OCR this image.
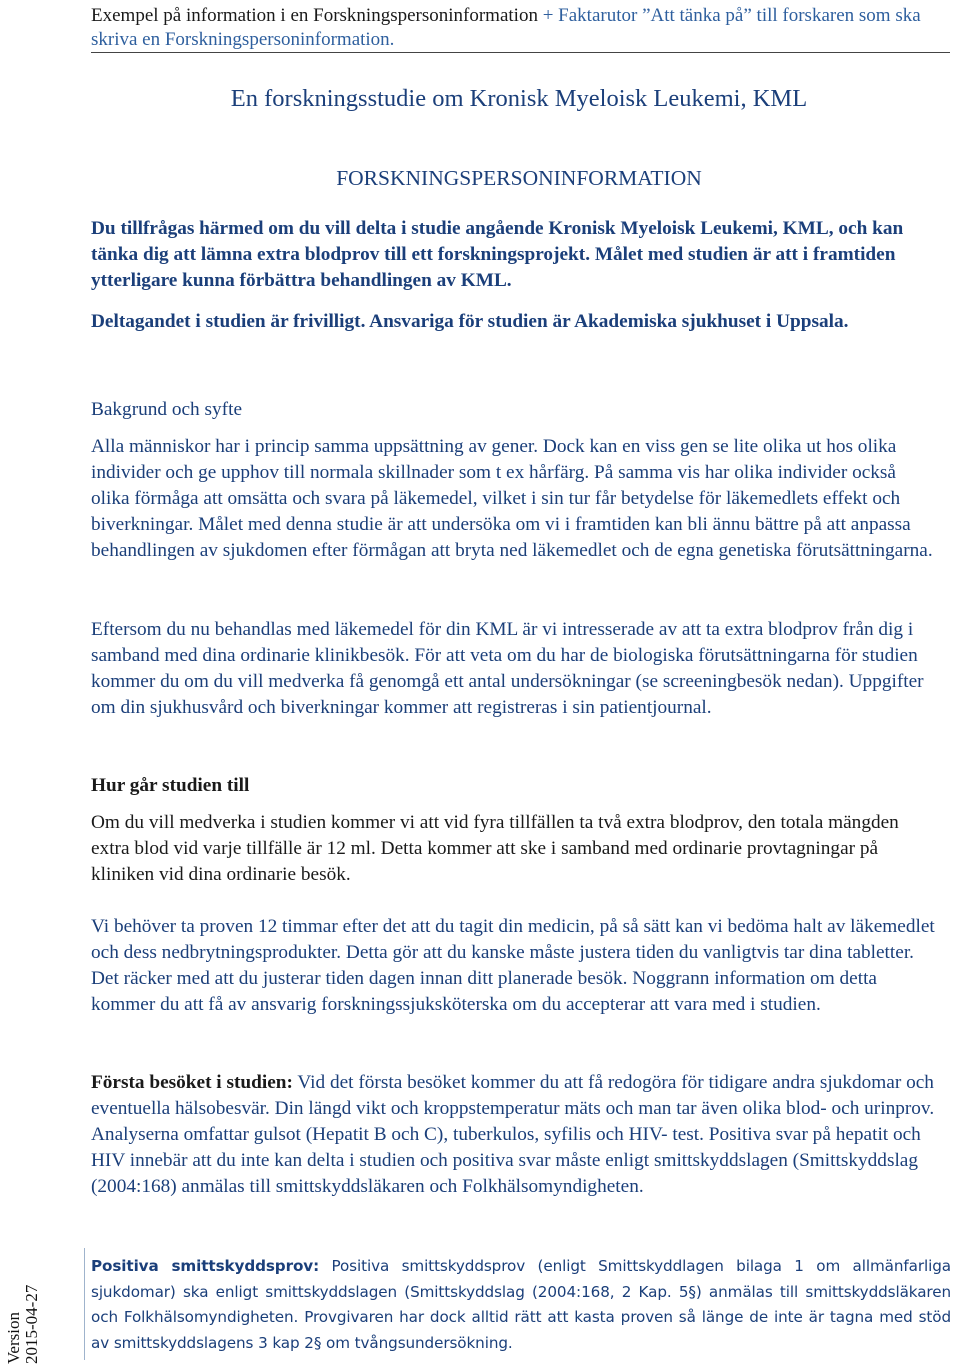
Exempel på information i en Forskningspersoninformation + Faktarutor ”Att tänka på” till forskaren som ska skriva en Forskningspersoninformation.
En forskningsstudie om Kronisk Myeloisk Leukemi, KML
FORSKNINGSPERSONINFORMATION
Du tillfrågas härmed om du vill delta i studie angående Kronisk Myeloisk Leukemi, KML, och kan tänka dig att lämna extra blodprov till ett forskningsprojekt. Målet med studien är att i framtiden ytterligare kunna förbättra behandlingen av KML.
Deltagandet i studien är frivilligt. Ansvariga för studien är Akademiska sjukhuset i Uppsala.
Bakgrund och syfte
Alla människor har i princip samma uppsättning av gener. Dock kan en viss gen se lite olika ut hos olika individer och ge upphov till normala skillnader som t ex hårfärg. På samma vis har olika individer också olika förmåga att omsätta och svara på läkemedel, vilket i sin tur får betydelse för läkemedlets effekt och biverkningar. Målet med denna studie är att undersöka om vi i framtiden kan bli ännu bättre på att anpassa behandlingen av sjukdomen efter förmågan att bryta ned läkemedlet och de egna genetiska förutsättningarna.
Eftersom du nu behandlas med läkemedel för din KML är vi intresserade av att ta extra blodprov från dig i samband med dina ordinarie klinikbesök. För att veta om du har de biologiska förutsättningarna för studien kommer du om du vill medverka få genomgå ett antal undersökningar (se screeningbesök nedan). Uppgifter om din sjukhusvård och biverkningar kommer att registreras i sin patientjournal.
Hur går studien till
Om du vill medverka i studien kommer vi att vid fyra tillfällen ta två extra blodprov, den totala mängden extra blod vid varje tillfälle är 12 ml. Detta kommer att ske i samband med ordinarie provtagningar på kliniken vid dina ordinarie besök.
Vi behöver ta proven 12 timmar efter det att du tagit din medicin, på så sätt kan vi bedöma halt av läkemedlet och dess nedbrytningsprodukter. Detta gör att du kanske måste justera tiden du vanligtvis tar dina tabletter. Det räcker med att du justerar tiden dagen innan ditt planerade besök. Noggrann information om detta kommer du att få av ansvarig forskningssjuksköterska om du accepterar att vara med i studien.
Första besöket i studien: Vid det första besöket kommer du att få redogöra för tidigare andra sjukdomar och eventuella hälsobesvär. Din längd vikt och kroppstemperatur mäts och man tar även olika blod- och urinprov. Analyserna omfattar gulsot (Hepatit B och C), tuberkulos, syfilis och HIV- test. Positiva svar på hepatit och HIV innebär att du inte kan delta i studien och positiva svar måste enligt smittskyddslagen (Smittskyddslag (2004:168) anmälas till smittskyddsläkaren och Folkhälsomyndigheten.
Version 2015-04-27
Positiva smittskyddsprov: Positiva smittskyddsprov (enligt Smittskyddlagen bilaga 1 om allmänfarliga sjukdomar) ska enligt smittskyddslagen (Smittskyddslag (2004:168, 2 Kap. 5§) anmälas till smittskyddsläkaren och Folkhälsomyndigheten. Provgivaren har dock alltid rätt att kasta proven så länge de inte är tagna med stöd av smittskyddslagens 3 kap 2§ om tvångsundersökning.
